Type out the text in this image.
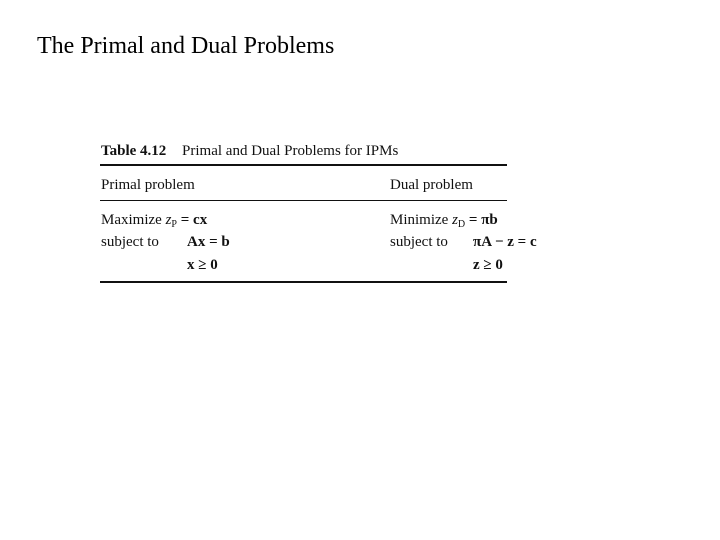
The Primal and Dual Problems
Table 4.12 Primal and Dual Problems for IPMs
Primal problem	Dual problem
Maximize $z_P$ = cx	Minimize $z_D = \pi b$
subject to Ax = b	subject to πA − z = c
x ≥ 0	z ≥ 0
